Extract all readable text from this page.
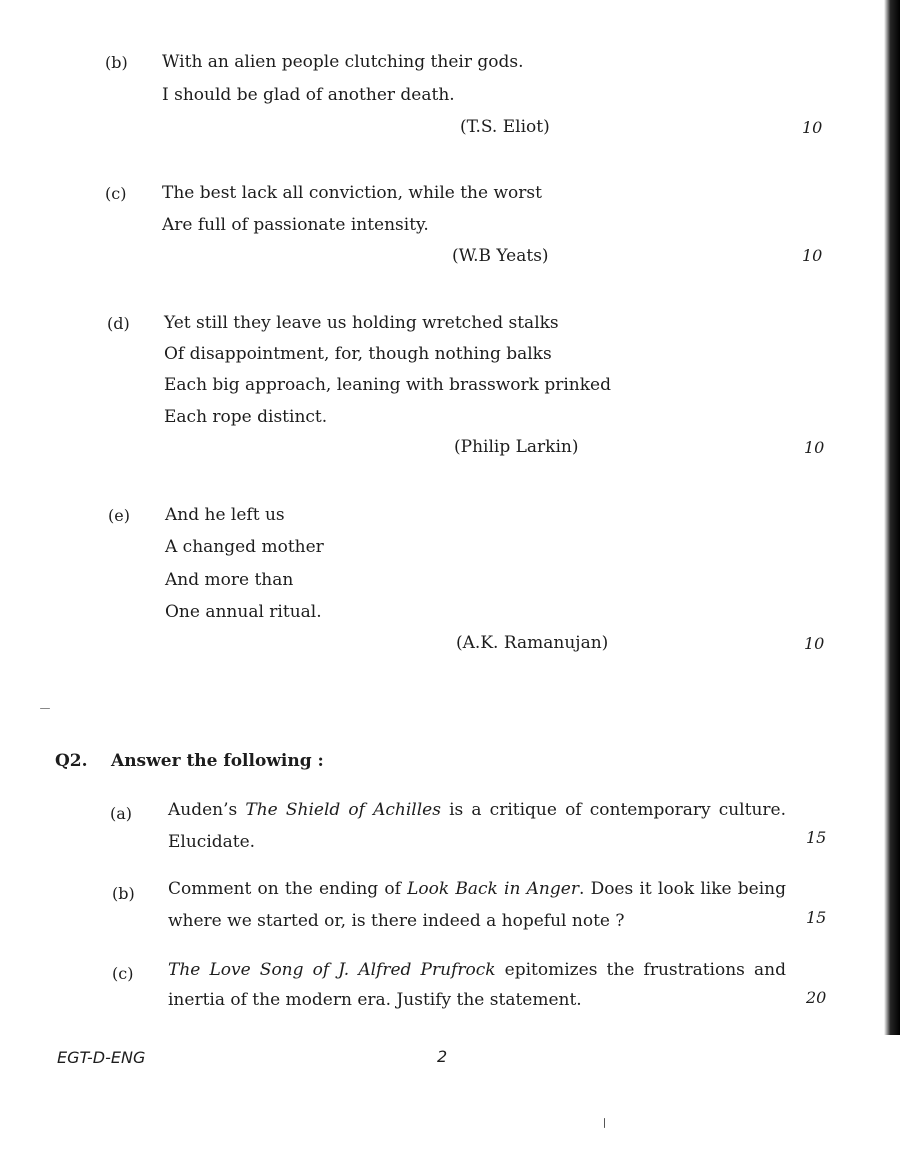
(b) With an alien people clutching their gods.
I should be glad of another death.
(T.S. Eliot)	10
(c) The best lack all conviction, while the worst
Are full of passionate intensity.
(W.B Yeats)	10
(d) Yet still they leave us holding wretched stalks
Of disappointment, for, though nothing balks
Each big approach, leaning with brasswork prinked
Each rope distinct.
(Philip Larkin)	10
(e) And he left us
A changed mother
And more than
One annual ritual.
(A.K. Ramanujan)	10
Q2. Answer the following :
(a) Auden’s The Shield of Achilles is a critique of contemporary culture.
Elucidate.	15
(b) Comment on the ending of Look Back in Anger. Does it look like being
where we started or, is there indeed a hopeful note ?	15
(c) The Love Song of J. Alfred Prufrock epitomizes the frustrations and
inertia of the modern era. Justify the statement.	20
EGT-D-ENG	2
